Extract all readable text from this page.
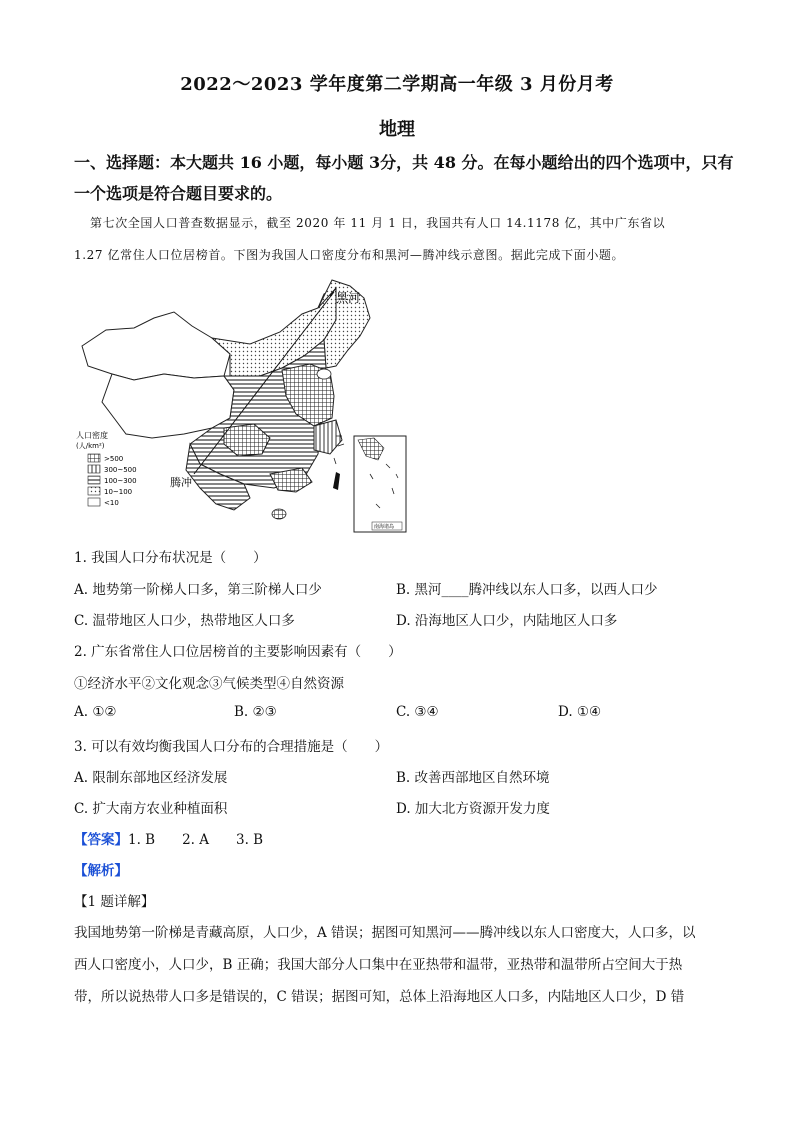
2022～2023 学年度第二学期高一年级 3 月份月考
地理
一、选择题：本大题共 16 小题，每小题 3分，共 48 分。在每小题给出的四个选项中，只有
一个选项是符合题目要求的。
第七次全国人口普查数据显示，截至 2020 年 11 月 1 日，我国共有人口 14.1178 亿，其中广东省以
1.27 亿常住人口位居榜首。下图为我国人口密度分布和黑河—腾冲线示意图。据此完成下面小题。
黑河
腾冲
人口密度
(人/km²)
>500
300~500
100~300
10~100
<10
南海诸岛
1. 我国人口分布状况是（　　）
A. 地势第一阶梯人口多，第三阶梯人口少	B. 黑河____腾冲线以东人口多，以西人口少
C. 温带地区人口少，热带地区人口多	D. 沿海地区人口少，内陆地区人口多
2. 广东省常住人口位居榜首的主要影响因素有（　　）
①经济水平②文化观念③气候类型④自然资源
A. ①②	B. ②③	C. ③④	D. ①④
3. 可以有效均衡我国人口分布的合理措施是（　　）
A. 限制东部地区经济发展	B. 改善西部地区自然环境
C. 扩大南方农业种植面积	D. 加大北方资源开发力度
【答案】1. B　　2. A　　3. B
【解析】
【1 题详解】
我国地势第一阶梯是青藏高原，人口少，A 错误；据图可知黑河——腾冲线以东人口密度大，人口多，以
西人口密度小，人口少，B 正确；我国大部分人口集中在亚热带和温带，亚热带和温带所占空间大于热
带，所以说热带人口多是错误的，C 错误；据图可知，总体上沿海地区人口多，内陆地区人口少，D 错
